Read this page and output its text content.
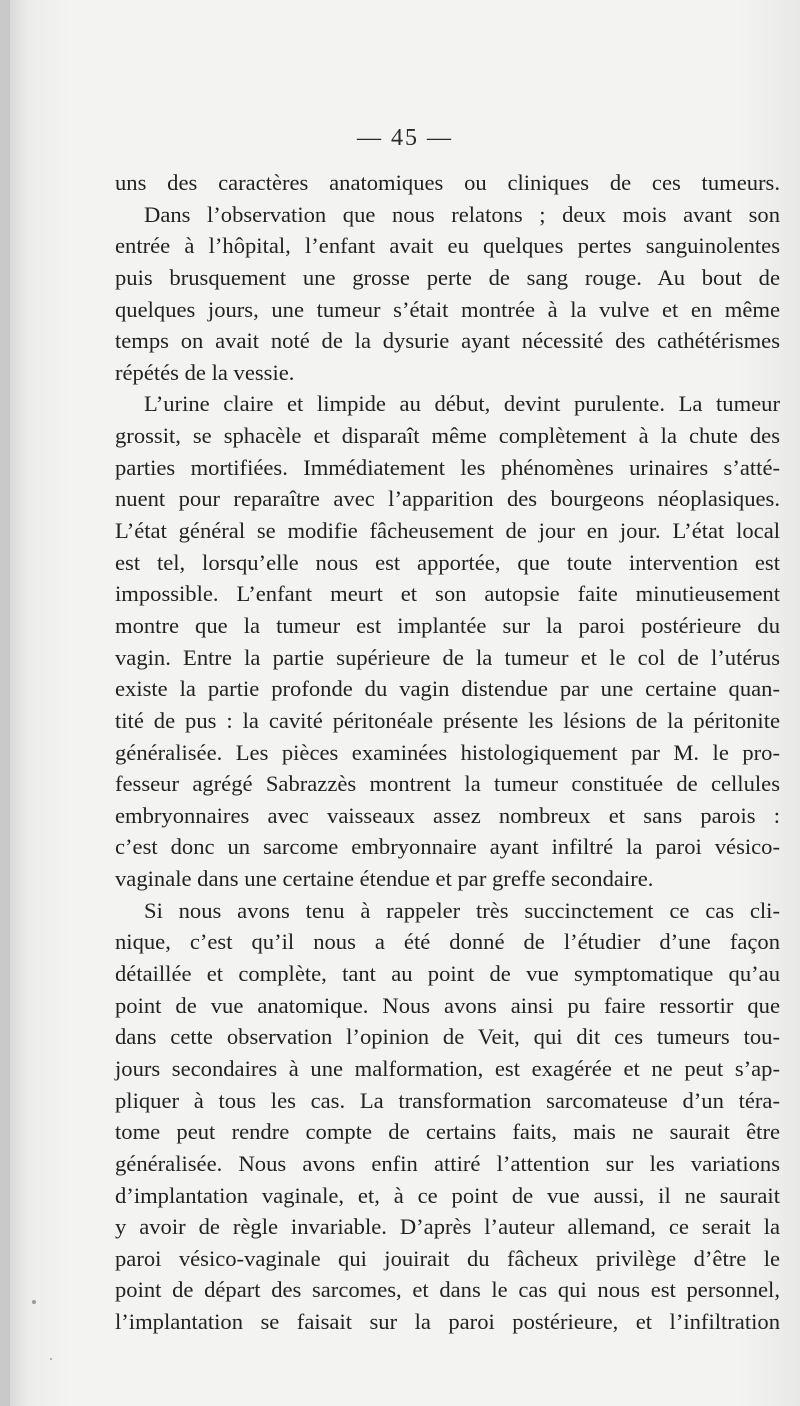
— 45 —
uns des caractères anatomiques ou cliniques de ces tumeurs.
Dans l’observation que nous relatons ; deux mois avant son
entrée à l’hôpital, l’enfant avait eu quelques pertes sanguinolentes
puis brusquement une grosse perte de sang rouge. Au bout de
quelques jours, une tumeur s’était montrée à la vulve et en même
temps on avait noté de la dysurie ayant nécessité des cathétérismes
répétés de la vessie.
L’urine claire et limpide au début, devint purulente. La tumeur
grossit, se sphacèle et disparaît même complètement à la chute des
parties mortifiées. Immédiatement les phénomènes urinaires s’atté-
nuent pour reparaître avec l’apparition des bourgeons néoplasiques.
L’état général se modifie fâcheusement de jour en jour. L’état local
est tel, lorsqu’elle nous est apportée, que toute intervention est
impossible. L’enfant meurt et son autopsie faite minutieusement
montre que la tumeur est implantée sur la paroi postérieure du
vagin. Entre la partie supérieure de la tumeur et le col de l’utérus
existe la partie profonde du vagin distendue par une certaine quan-
tité de pus : la cavité péritonéale présente les lésions de la péritonite
généralisée. Les pièces examinées histologiquement par M. le pro-
fesseur agrégé Sabrazzès montrent la tumeur constituée de cellules
embryonnaires avec vaisseaux assez nombreux et sans parois :
c’est donc un sarcome embryonnaire ayant infiltré la paroi vésico-
vaginale dans une certaine étendue et par greffe secondaire.
Si nous avons tenu à rappeler très succinctement ce cas cli-
nique, c’est qu’il nous a été donné de l’étudier d’une façon
détaillée et complète, tant au point de vue symptomatique qu’au
point de vue anatomique. Nous avons ainsi pu faire ressortir que
dans cette observation l’opinion de Veit, qui dit ces tumeurs tou-
jours secondaires à une malformation, est exagérée et ne peut s’ap-
pliquer à tous les cas. La transformation sarcomateuse d’un téra-
tome peut rendre compte de certains faits, mais ne saurait être
généralisée. Nous avons enfin attiré l’attention sur les variations
d’implantation vaginale, et, à ce point de vue aussi, il ne saurait
y avoir de règle invariable. D’après l’auteur allemand, ce serait la
paroi vésico-vaginale qui jouirait du fâcheux privilège d’être le
point de départ des sarcomes, et dans le cas qui nous est personnel,
l’implantation se faisait sur la paroi postérieure, et l’infiltration
